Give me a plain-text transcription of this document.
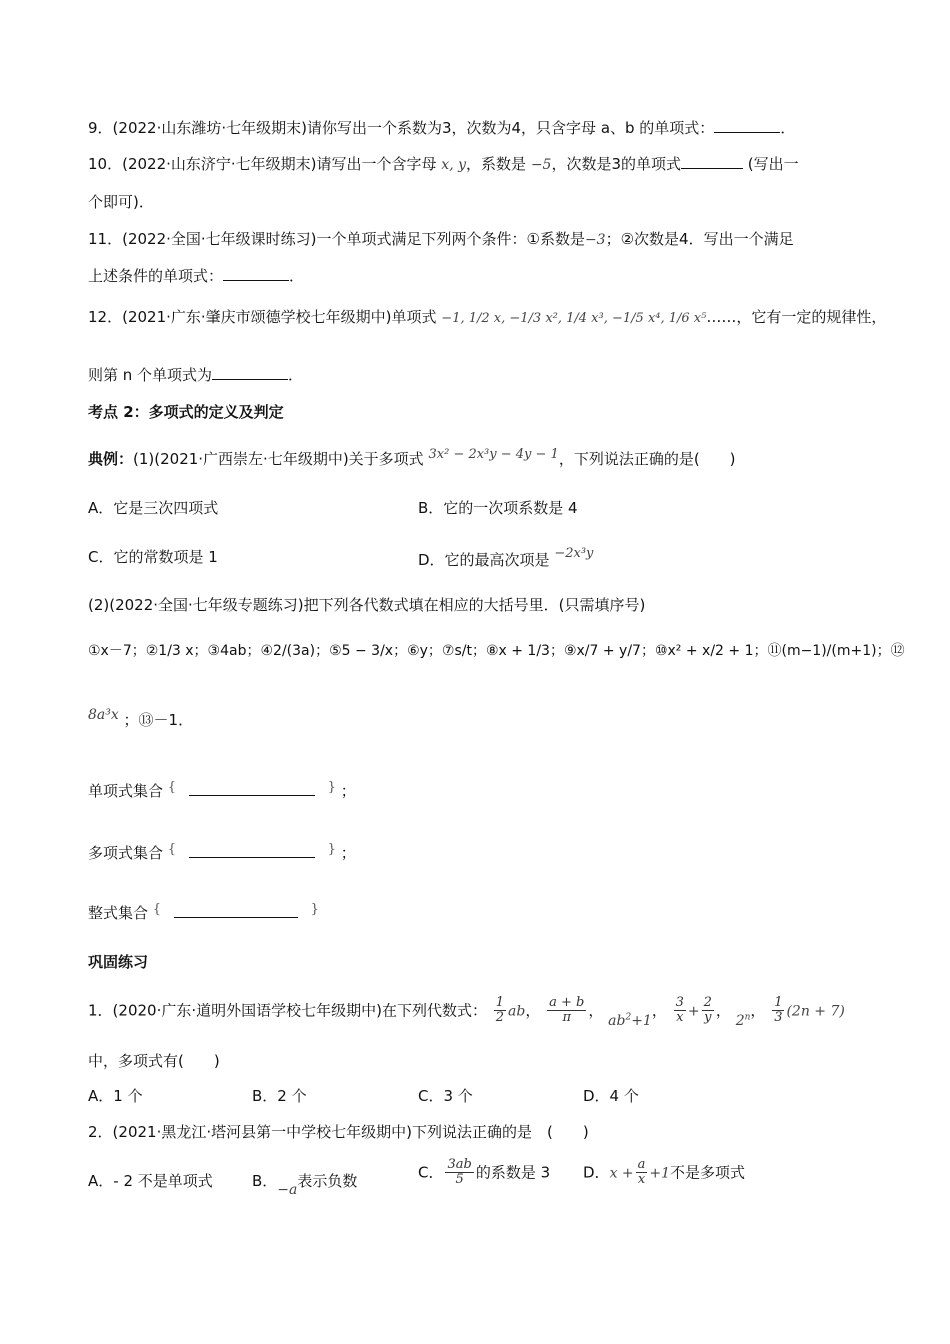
9．(2022·山东潍坊·七年级期末)请你写出一个系数为3，次数为4，只含字母 a、b 的单项式：	．
10．(2022·山东济宁·七年级期末)请写出一个含字母 x, y，系数是 −5，次数是3的单项式	(写出一
个即可)．
11．(2022·全国·七年级课时练习)一个单项式满足下列两个条件：①系数是−3；②次数是4．写出一个满足
上述条件的单项式：	．
12．(2021·广东·肇庆市颂德学校七年级期中)单项式 −1, 1/2 x, −1/3 x², 1/4 x³, −1/5 x⁴, 1/6 x⁵……，它有一定的规律性，
则第 n 个单项式为	．
考点 2：多项式的定义及判定
典例：(1)(2021·广西崇左·七年级期中)关于多项式 3x² − 2x³y − 4y − 1，下列说法正确的是(　　)
A．它是三次四项式	B．它的一次项系数是 4
C．它的常数项是 1	D．它的最高次项是 −2x³y
(2)(2022·全国·七年级专题练习)把下列各代数式填在相应的大括号里．(只需填序号)
①x－7；②1/3 x；③4ab；④2/(3a)；⑤5 − 3/x；⑥y；⑦s/t；⑧x + 1/3；⑨x/7 + y/7；⑩x² + x/2 + 1；⑪(m−1)/(m+1)；⑫
8a³x ；⑬－1．
单项式集合 {	} ；
多项式集合 {	} ；
整式集合 {	}
巩固练习
1．(2020·广东·道明外国语学校七年级期中)在下列代数式： $\frac{1}{2}$ ab， $\frac{a + b}{\pi}$ ， $ab^2+1$， $\frac{3}{x} + \frac{2}{y}$ ， 2$^n$， $\frac{1}{3} (2n + 7)$
中，多项式有(　　)
A．1 个	B．2 个	C．3 个	D．4 个
2．(2021·黑龙江·塔河县第一中学校七年级期中)下列说法正确的是　(　　)
A．- 2 不是单项式	B．−a表示负数	C． $\frac{3ab}{5}$ 的系数是 3 D．$x + \frac{a}{x} +1$不是多项式
